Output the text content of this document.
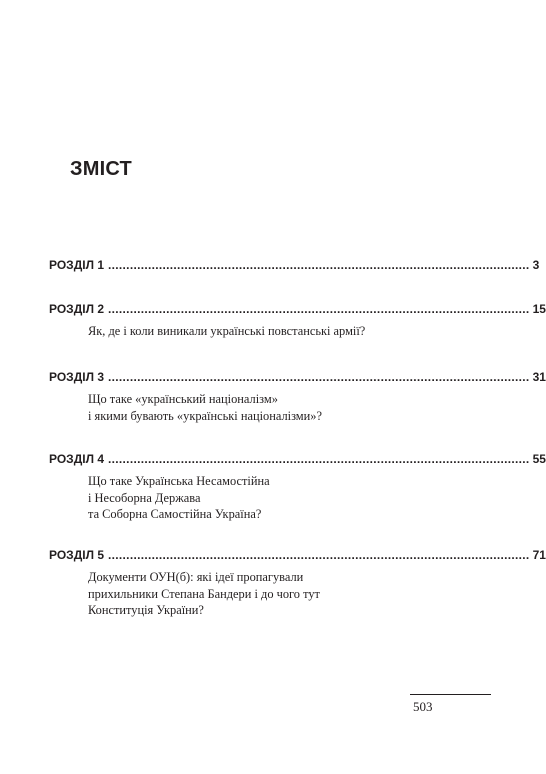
ЗМІСТ
РОЗДІЛ 1 .................................................................................................................... 3
РОЗДІЛ 2 .................................................................................................................... 15
Як, де і коли виникали українські повстанські армії?
РОЗДІЛ 3 .................................................................................................................... 31
Що таке «український націоналізм»
і якими бувають «українські націоналізми»?
РОЗДІЛ 4 .................................................................................................................... 55
Що таке Українська Несамостійна
і Несоборна Держава
та Соборна Самостійна Україна?
РОЗДІЛ 5 .................................................................................................................... 71
Документи ОУН(б): які ідеї пропагували
прихильники Степана Бандери і до чого тут
Конституція України?
503
